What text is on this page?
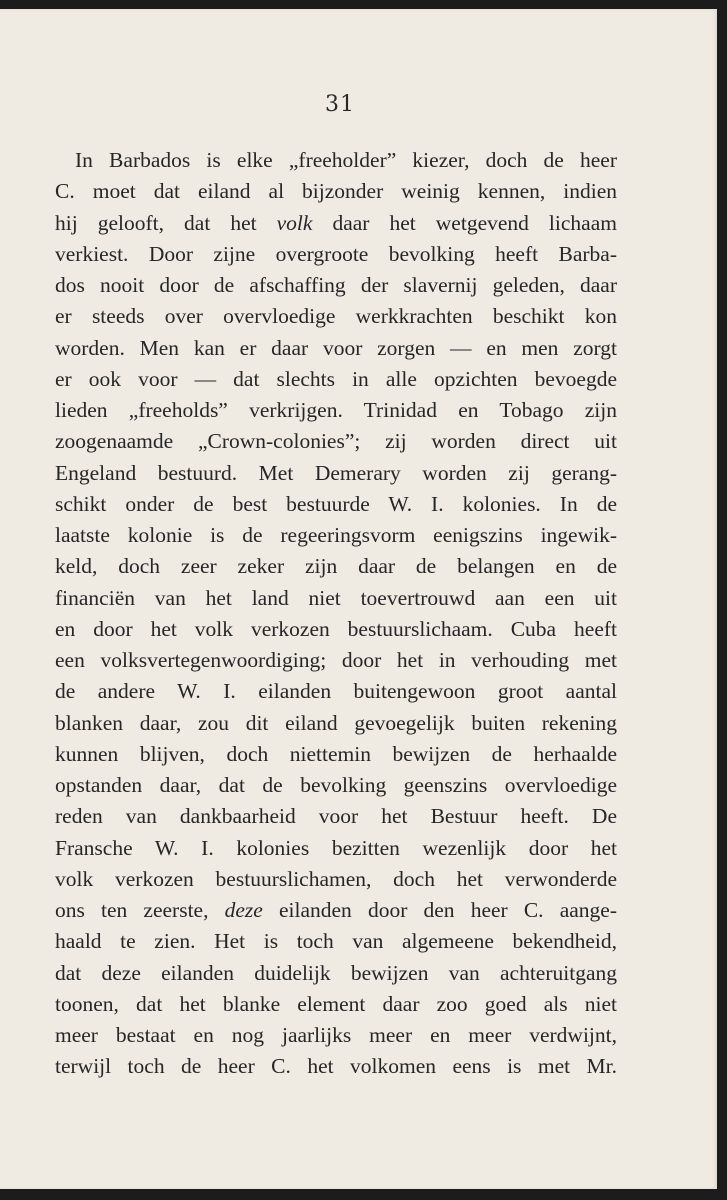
31
In Barbados is elke „freeholder” kiezer, doch de heer
C. moet dat eiland al bijzonder weinig kennen, indien
hij gelooft, dat het volk daar het wetgevend lichaam
verkiest. Door zijne overgroote bevolking heeft Barba-
dos nooit door de afschaffing der slavernij geleden, daar
er steeds over overvloedige werkkrachten beschikt kon
worden. Men kan er daar voor zorgen — en men zorgt
er ook voor — dat slechts in alle opzichten bevoegde
lieden „freeholds” verkrijgen. Trinidad en Tobago zijn
zoogenaamde „Crown-colonies”; zij worden direct uit
Engeland bestuurd. Met Demerary worden zij gerang-
schikt onder de best bestuurde W. I. kolonies. In de
laatste kolonie is de regeeringsvorm eenigszins ingewik-
keld, doch zeer zeker zijn daar de belangen en de
financiën van het land niet toevertrouwd aan een uit
en door het volk verkozen bestuurslichaam. Cuba heeft
een volksvertegenwoordiging; door het in verhouding met
de andere W. I. eilanden buitengewoon groot aantal
blanken daar, zou dit eiland gevoegelijk buiten rekening
kunnen blijven, doch niettemin bewijzen de herhaalde
opstanden daar, dat de bevolking geenszins overvloedige
reden van dankbaarheid voor het Bestuur heeft. De
Fransche W. I. kolonies bezitten wezenlijk door het
volk verkozen bestuurslichamen, doch het verwonderde
ons ten zeerste, deze eilanden door den heer C. aange-
haald te zien. Het is toch van algemeene bekendheid,
dat deze eilanden duidelijk bewijzen van achteruitgang
toonen, dat het blanke element daar zoo goed als niet
meer bestaat en nog jaarlijks meer en meer verdwijnt,
terwijl toch de heer C. het volkomen eens is met Mr.
